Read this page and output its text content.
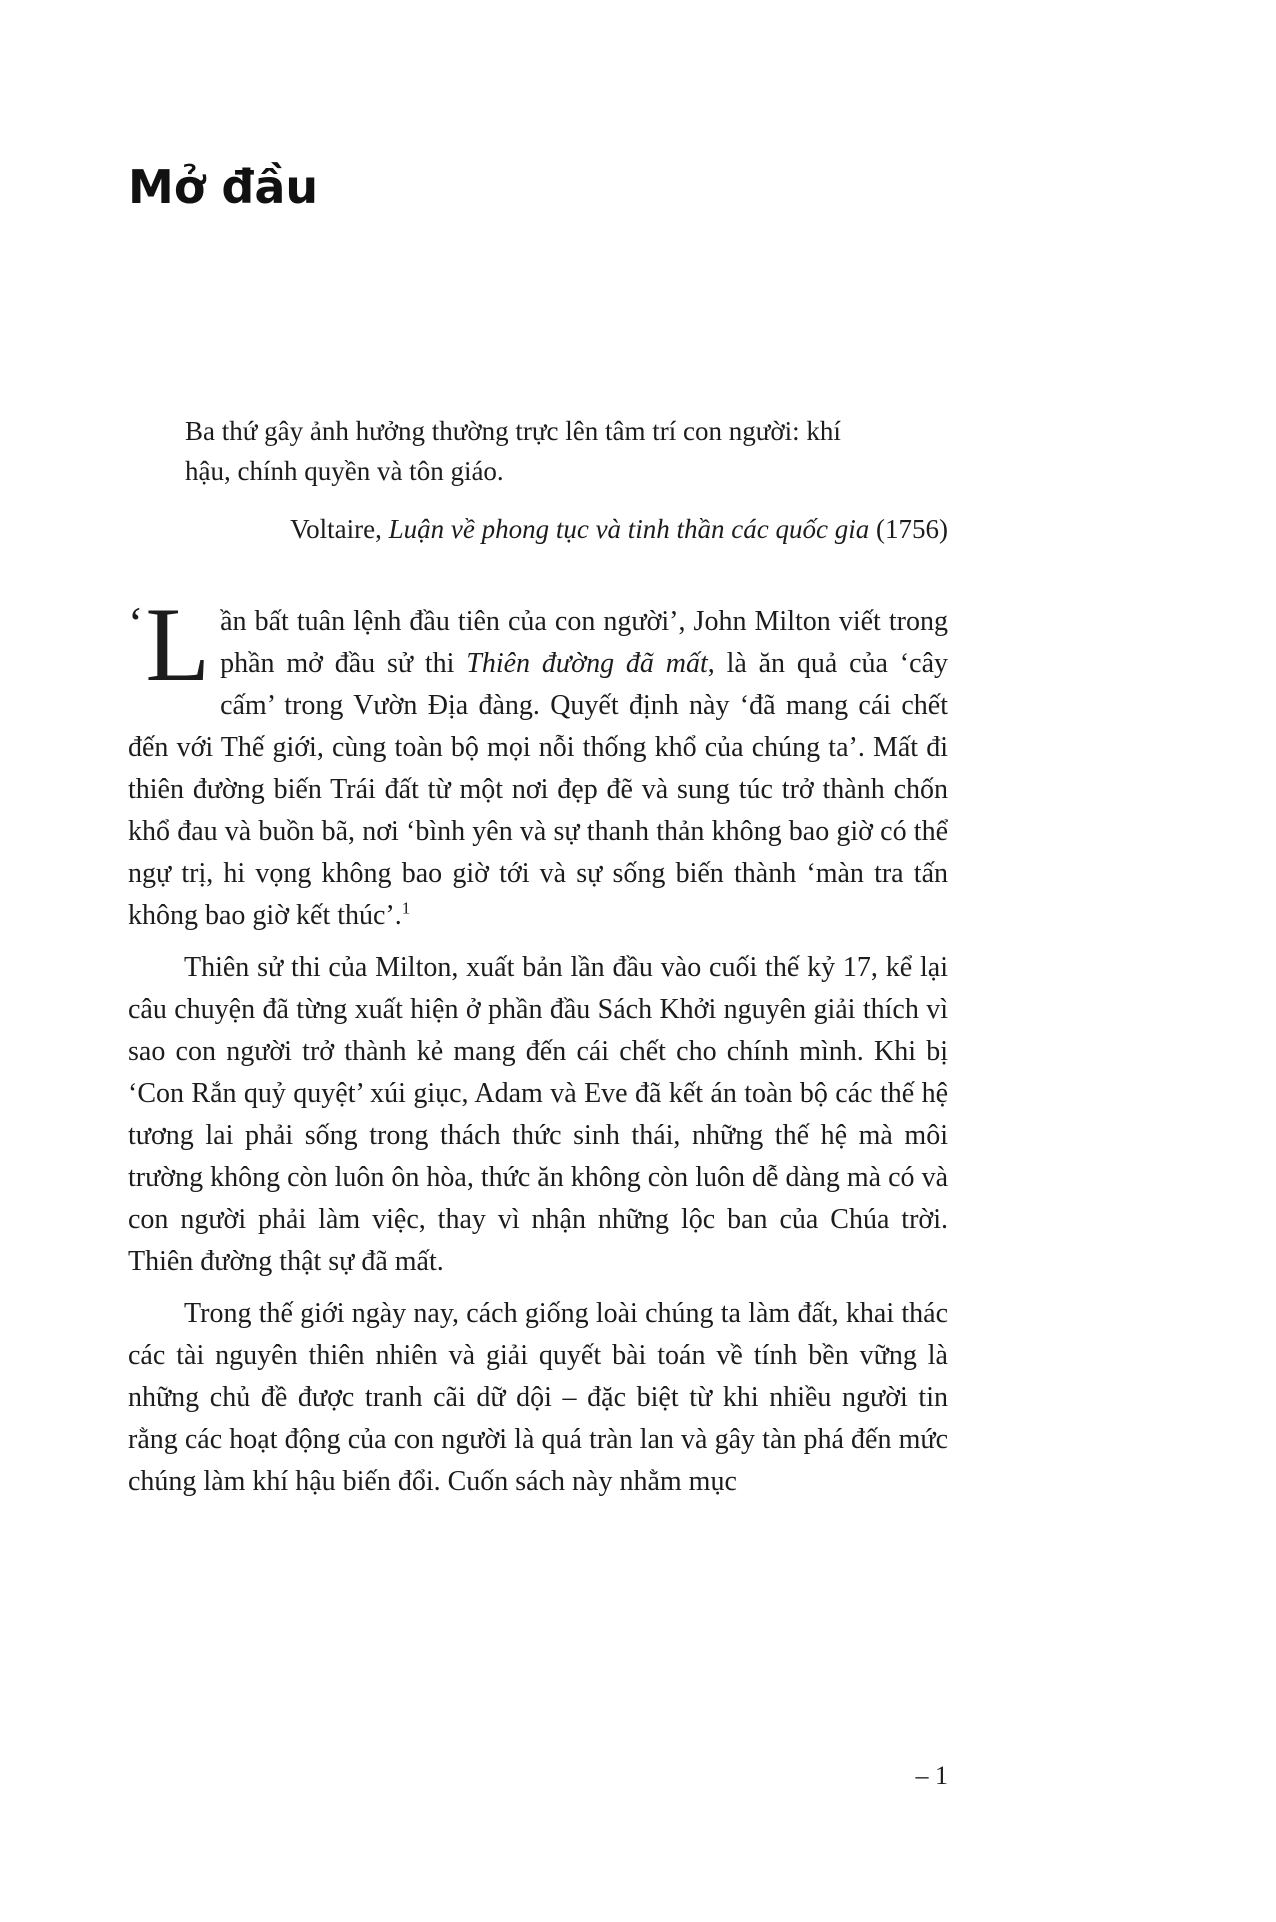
Mở đầu

Ba thứ gây ảnh hưởng thường trực lên tâm trí con người: khí hậu, chính quyền và tôn giáo.

Voltaire, Luận về phong tục và tinh thần các quốc gia (1756)

‘ L ần bất tuân lệnh đầu tiên của con người’, John Milton viết trong phần mở đầu sử thi Thiên đường đã mất, là ăn quả của ‘cây cấm’ trong Vườn Địa đàng. Quyết định này ‘đã mang cái chết đến với Thế giới, cùng toàn bộ mọi nỗi thống khổ của chúng ta’. Mất đi thiên đường biến Trái đất từ một nơi đẹp đẽ và sung túc trở thành chốn khổ đau và buồn bã, nơi ‘bình yên và sự thanh thản không bao giờ có thể ngự trị, hi vọng không bao giờ tới và sự sống biến thành ‘màn tra tấn không bao giờ kết thúc’.$^1$

Thiên sử thi của Milton, xuất bản lần đầu vào cuối thế kỷ 17, kể lại câu chuyện đã từng xuất hiện ở phần đầu Sách Khởi nguyên giải thích vì sao con người trở thành kẻ mang đến cái chết cho chính mình. Khi bị ‘Con Rắn quỷ quyệt’ xúi giục, Adam và Eve đã kết án toàn bộ các thế hệ tương lai phải sống trong thách thức sinh thái, những thế hệ mà môi trường không còn luôn ôn hòa, thức ăn không còn luôn dễ dàng mà có và con người phải làm việc, thay vì nhận những lộc ban của Chúa trời. Thiên đường thật sự đã mất.

Trong thế giới ngày nay, cách giống loài chúng ta làm đất, khai thác các tài nguyên thiên nhiên và giải quyết bài toán về tính bền vững là những chủ đề được tranh cãi dữ dội – đặc biệt từ khi nhiều người tin rằng các hoạt động của con người là quá tràn lan và gây tàn phá đến mức chúng làm khí hậu biến đổi. Cuốn sách này nhằm mục

– 1
